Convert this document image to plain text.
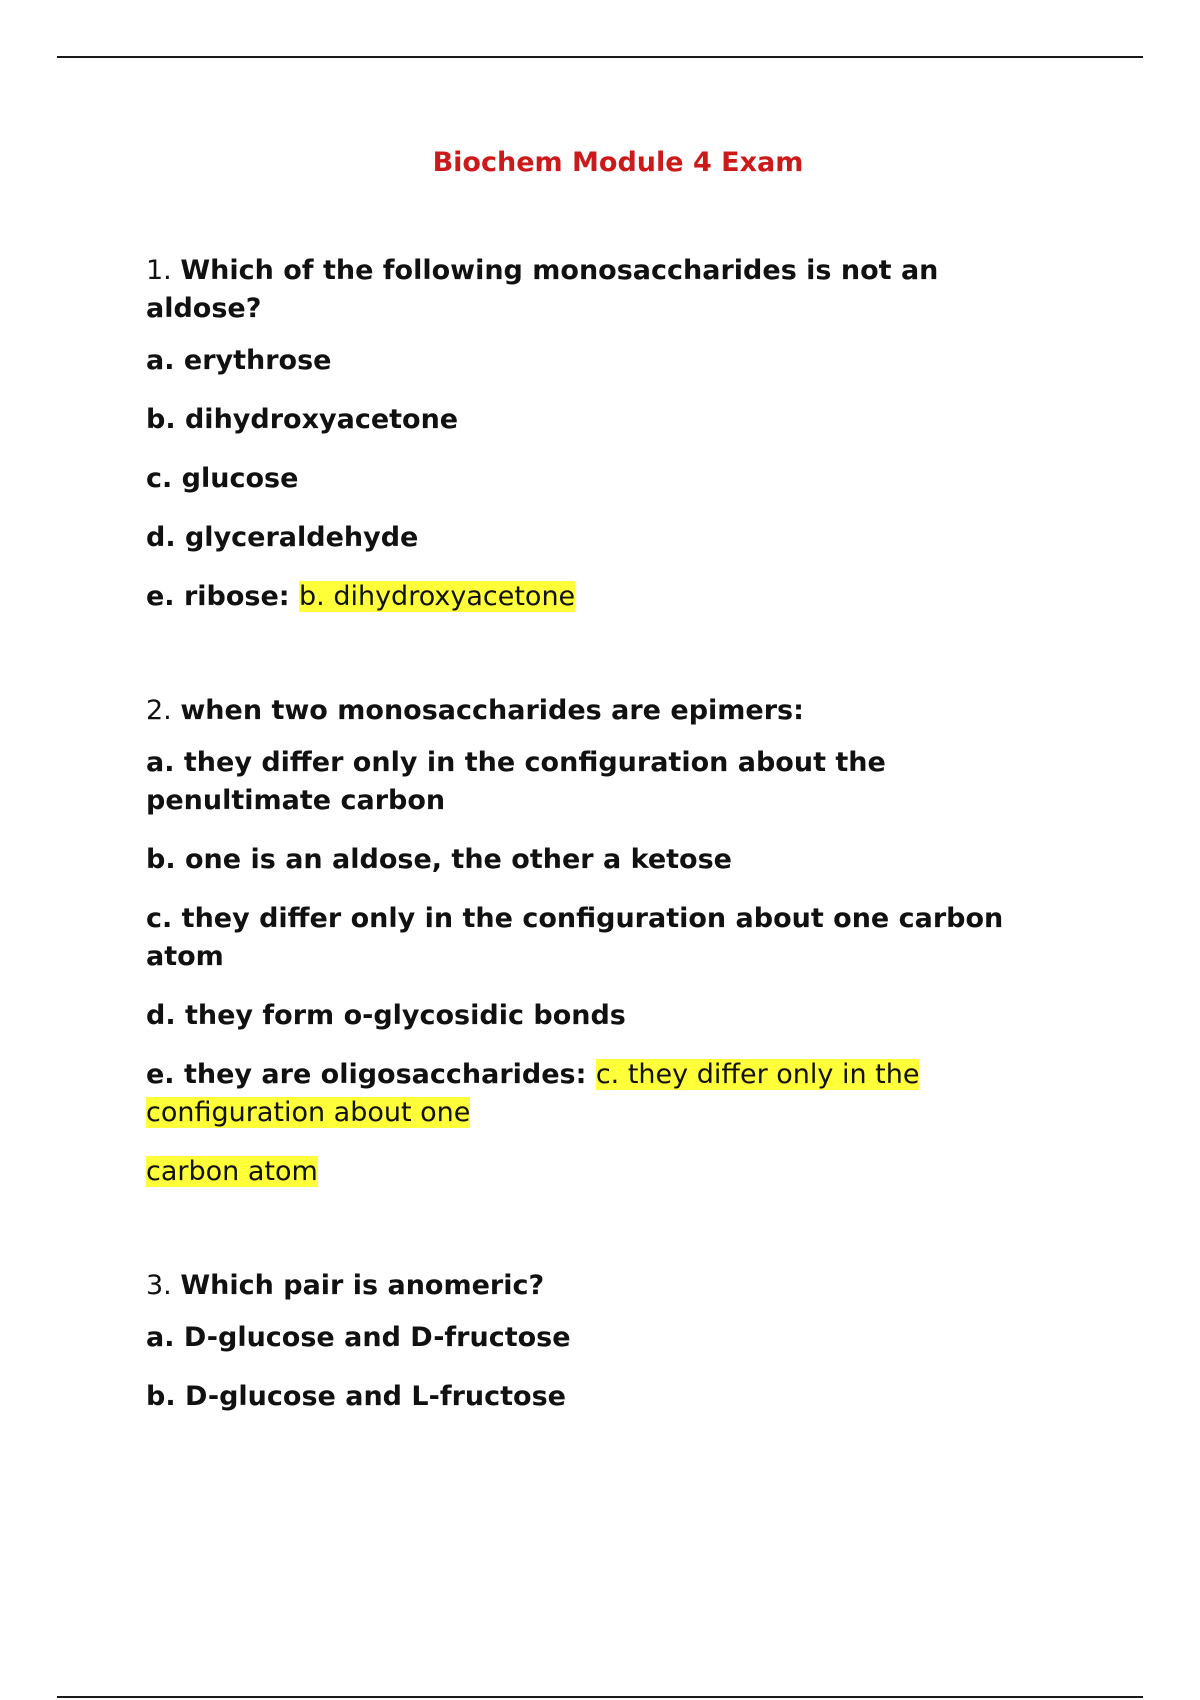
Biochem Module 4 Exam
1. Which of the following monosaccharides is not an aldose?
a. erythrose
b. dihydroxyacetone
c. glucose
d. glyceraldehyde
e. ribose: b. dihydroxyacetone
2. when two monosaccharides are epimers:
a. they differ only in the configuration about the penultimate carbon
b. one is an aldose, the other a ketose
c. they differ only in the configuration about one carbon atom
d. they form o-glycosidic bonds
e. they are oligosaccharides: c. they differ only in the configuration about one
carbon atom
3. Which pair is anomeric?
a. D-glucose and D-fructose
b. D-glucose and L-fructose
